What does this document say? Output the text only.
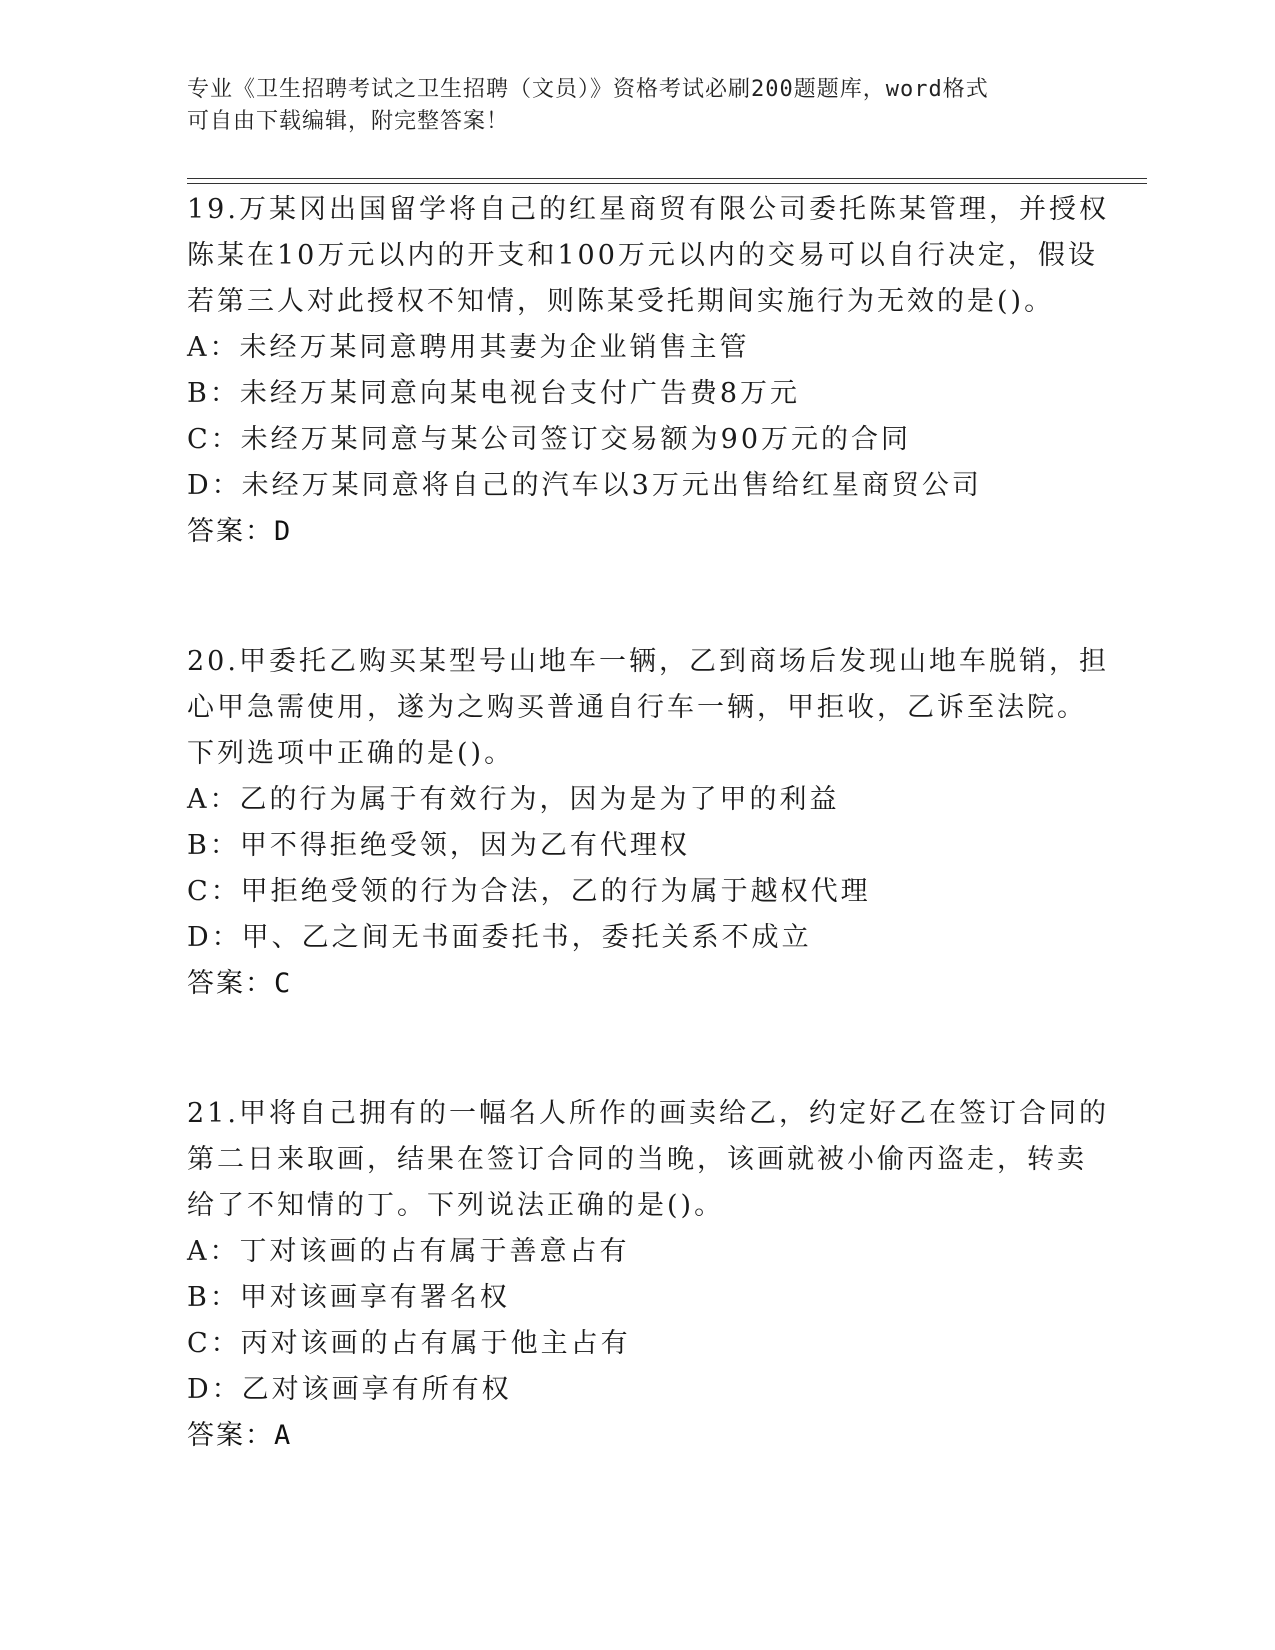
专业《卫生招聘考试之卫生招聘（文员）》资格考试必刷200题题库，word格式
可自由下载编辑，附完整答案！
19.万某冈出国留学将自己的红星商贸有限公司委托陈某管理，并授权
陈某在10万元以内的开支和100万元以内的交易可以自行决定，假设
若第三人对此授权不知情，则陈某受托期间实施行为无效的是()。
A：未经万某同意聘用其妻为企业销售主管
B：未经万某同意向某电视台支付广告费8万元
C：未经万某同意与某公司签订交易额为90万元的合同
D：未经万某同意将自己的汽车以3万元出售给红星商贸公司
答案：D
20.甲委托乙购买某型号山地车一辆，乙到商场后发现山地车脱销，担
心甲急需使用，遂为之购买普通自行车一辆，甲拒收，乙诉至法院。
下列选项中正确的是()。
A：乙的行为属于有效行为，因为是为了甲的利益
B：甲不得拒绝受领，因为乙有代理权
C：甲拒绝受领的行为合法，乙的行为属于越权代理
D：甲、乙之间无书面委托书，委托关系不成立
答案：C
21.甲将自己拥有的一幅名人所作的画卖给乙，约定好乙在签订合同的
第二日来取画，结果在签订合同的当晚，该画就被小偷丙盗走，转卖
给了不知情的丁。下列说法正确的是()。
A：丁对该画的占有属于善意占有
B：甲对该画享有署名权
C：丙对该画的占有属于他主占有
D：乙对该画享有所有权
答案：A
